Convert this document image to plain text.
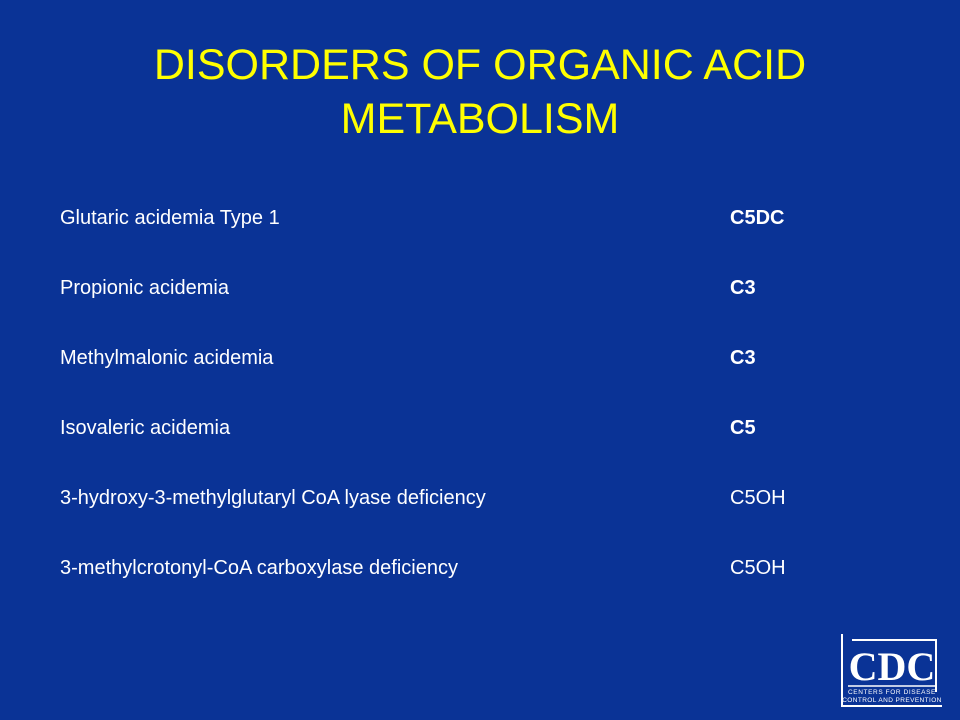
DISORDERS OF ORGANIC ACID METABOLISM
Glutaric acidemia Type 1	C5DC
Propionic acidemia	C3
Methylmalonic acidemia	C3
Isovaleric acidemia	C5
3-hydroxy-3-methylglutaryl CoA lyase deficiency	C5OH
3-methylcrotonyl-CoA carboxylase deficiency	C5OH
CDC
CENTERS FOR DISEASE
CONTROL AND PREVENTION
